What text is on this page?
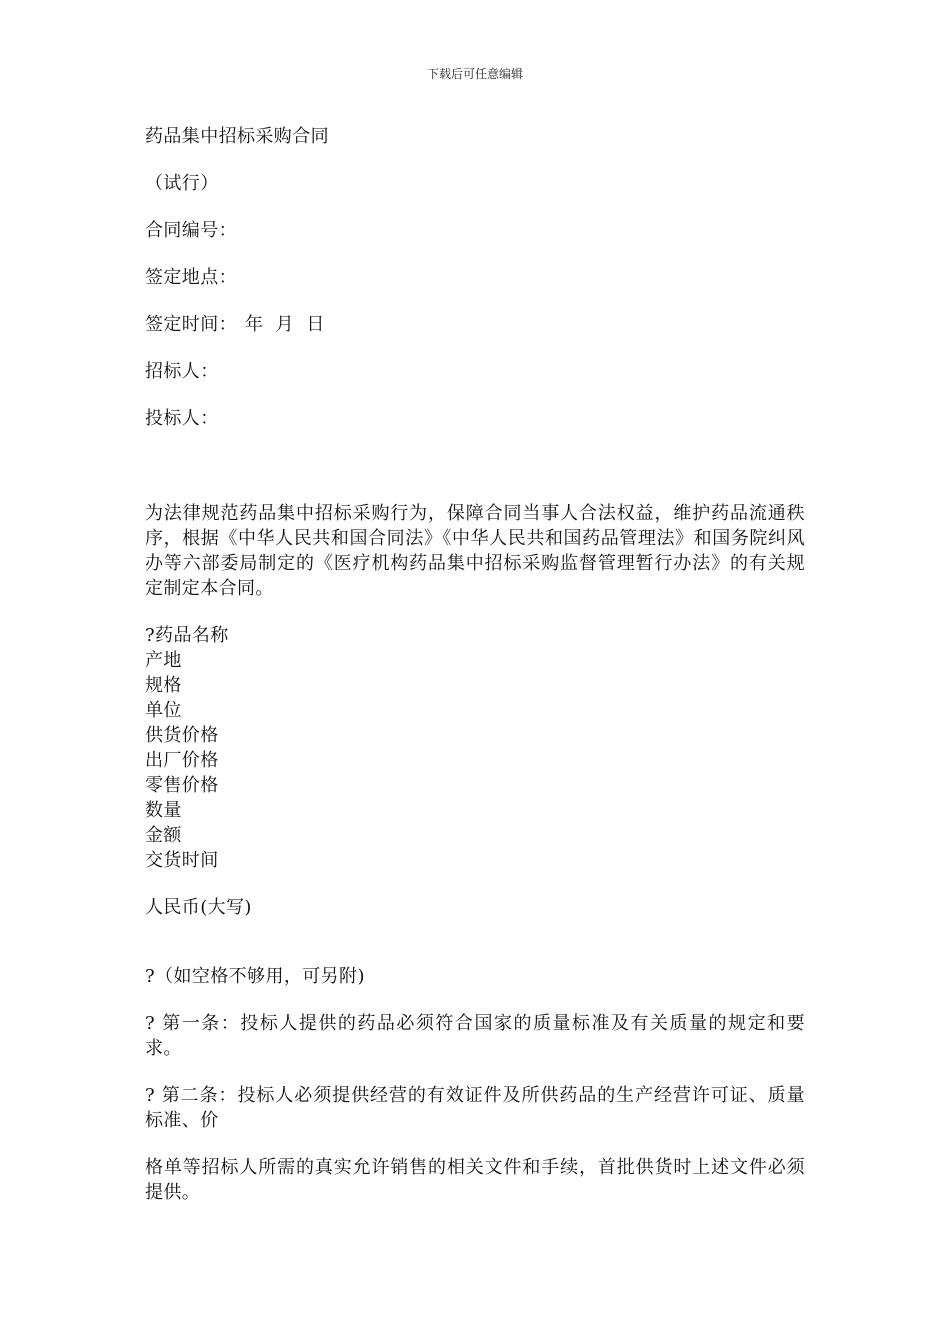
下载后可任意编辑

药品集中招标采购合同

（试行）

合同编号：

签定地点：

签定时间： 年 月 日

招标人：

投标人：

为法律规范药品集中招标采购行为，保障合同当事人合法权益，维护药品流通秩序，根据《中华人民共和国合同法》《中华人民共和国药品管理法》和国务院纠风办等六部委局制定的《医疗机构药品集中招标采购监督管理暂行办法》的有关规定制定本合同。

?药品名称

产地

规格

单位

供货价格

出厂价格

零售价格

数量

金额

交货时间

人民币(大写)

?（如空格不够用，可另附)

? 第一条：投标人提供的药品必须符合国家的质量标准及有关质量的规定和要求。

? 第二条：投标人必须提供经营的有效证件及所供药品的生产经营许可证、质量标准、价

格单等招标人所需的真实允许销售的相关文件和手续，首批供货时上述文件必须提供。
